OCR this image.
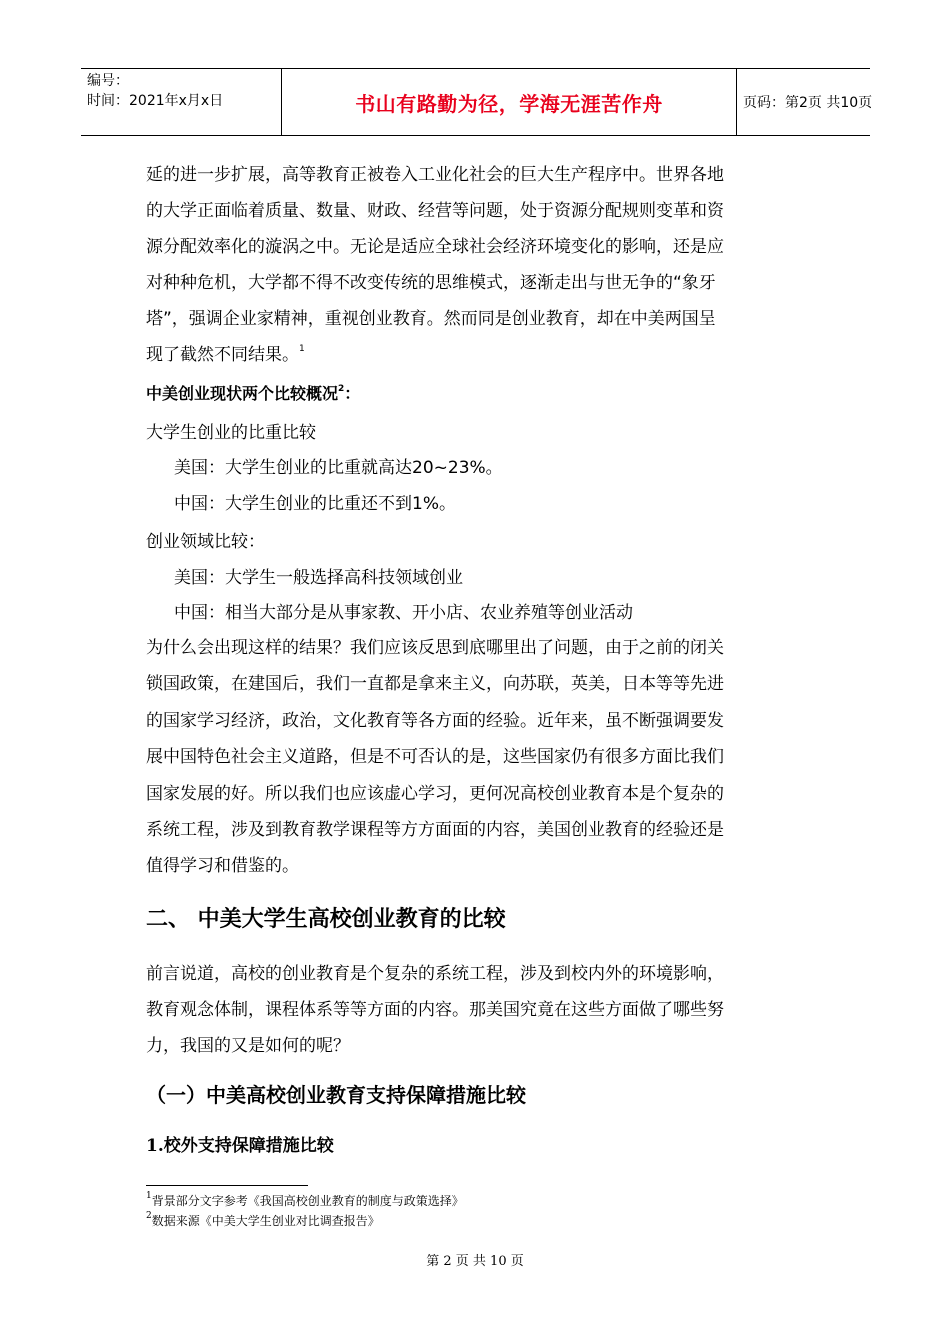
编号：
时间：2021年x月x日	书山有路勤为径，学海无涯苦作舟	页码：第2页 共10页
延的进一步扩展，高等教育正被卷入工业化社会的巨大生产程序中。世界各地
的大学正面临着质量、数量、财政、经营等问题，处于资源分配规则变革和资
源分配效率化的漩涡之中。无论是适应全球社会经济环境变化的影响，还是应
对种种危机，大学都不得不改变传统的思维模式，逐渐走出与世无争的“象牙
塔”，强调企业家精神，重视创业教育。然而同是创业教育，却在中美两国呈
现了截然不同结果。$^1$
中美创业现状两个比较概况$^2$：
大学生创业的比重比较
美国：大学生创业的比重就高达20~23%。
中国：大学生创业的比重还不到1%。
创业领域比较：
美国：大学生一般选择高科技领域创业
中国：相当大部分是从事家教、开小店、农业养殖等创业活动
为什么会出现这样的结果？我们应该反思到底哪里出了问题，由于之前的闭关
锁国政策，在建国后，我们一直都是拿来主义，向苏联，英美，日本等等先进
的国家学习经济，政治，文化教育等各方面的经验。近年来，虽不断强调要发
展中国特色社会主义道路，但是不可否认的是，这些国家仍有很多方面比我们
国家发展的好。所以我们也应该虚心学习，更何况高校创业教育本是个复杂的
系统工程，涉及到教育教学课程等方方面面的内容，美国创业教育的经验还是
值得学习和借鉴的。
二、 中美大学生高校创业教育的比较
前言说道，高校的创业教育是个复杂的系统工程，涉及到校内外的环境影响，
教育观念体制，课程体系等等方面的内容。那美国究竟在这些方面做了哪些努
力，我国的又是如何的呢？
（一）中美高校创业教育支持保障措施比较
1.校外支持保障措施比较
$^1$背景部分文字参考《我国高校创业教育的制度与政策选择》
$^2$数据来源《中美大学生创业对比调查报告》
第 2 页 共 10 页
